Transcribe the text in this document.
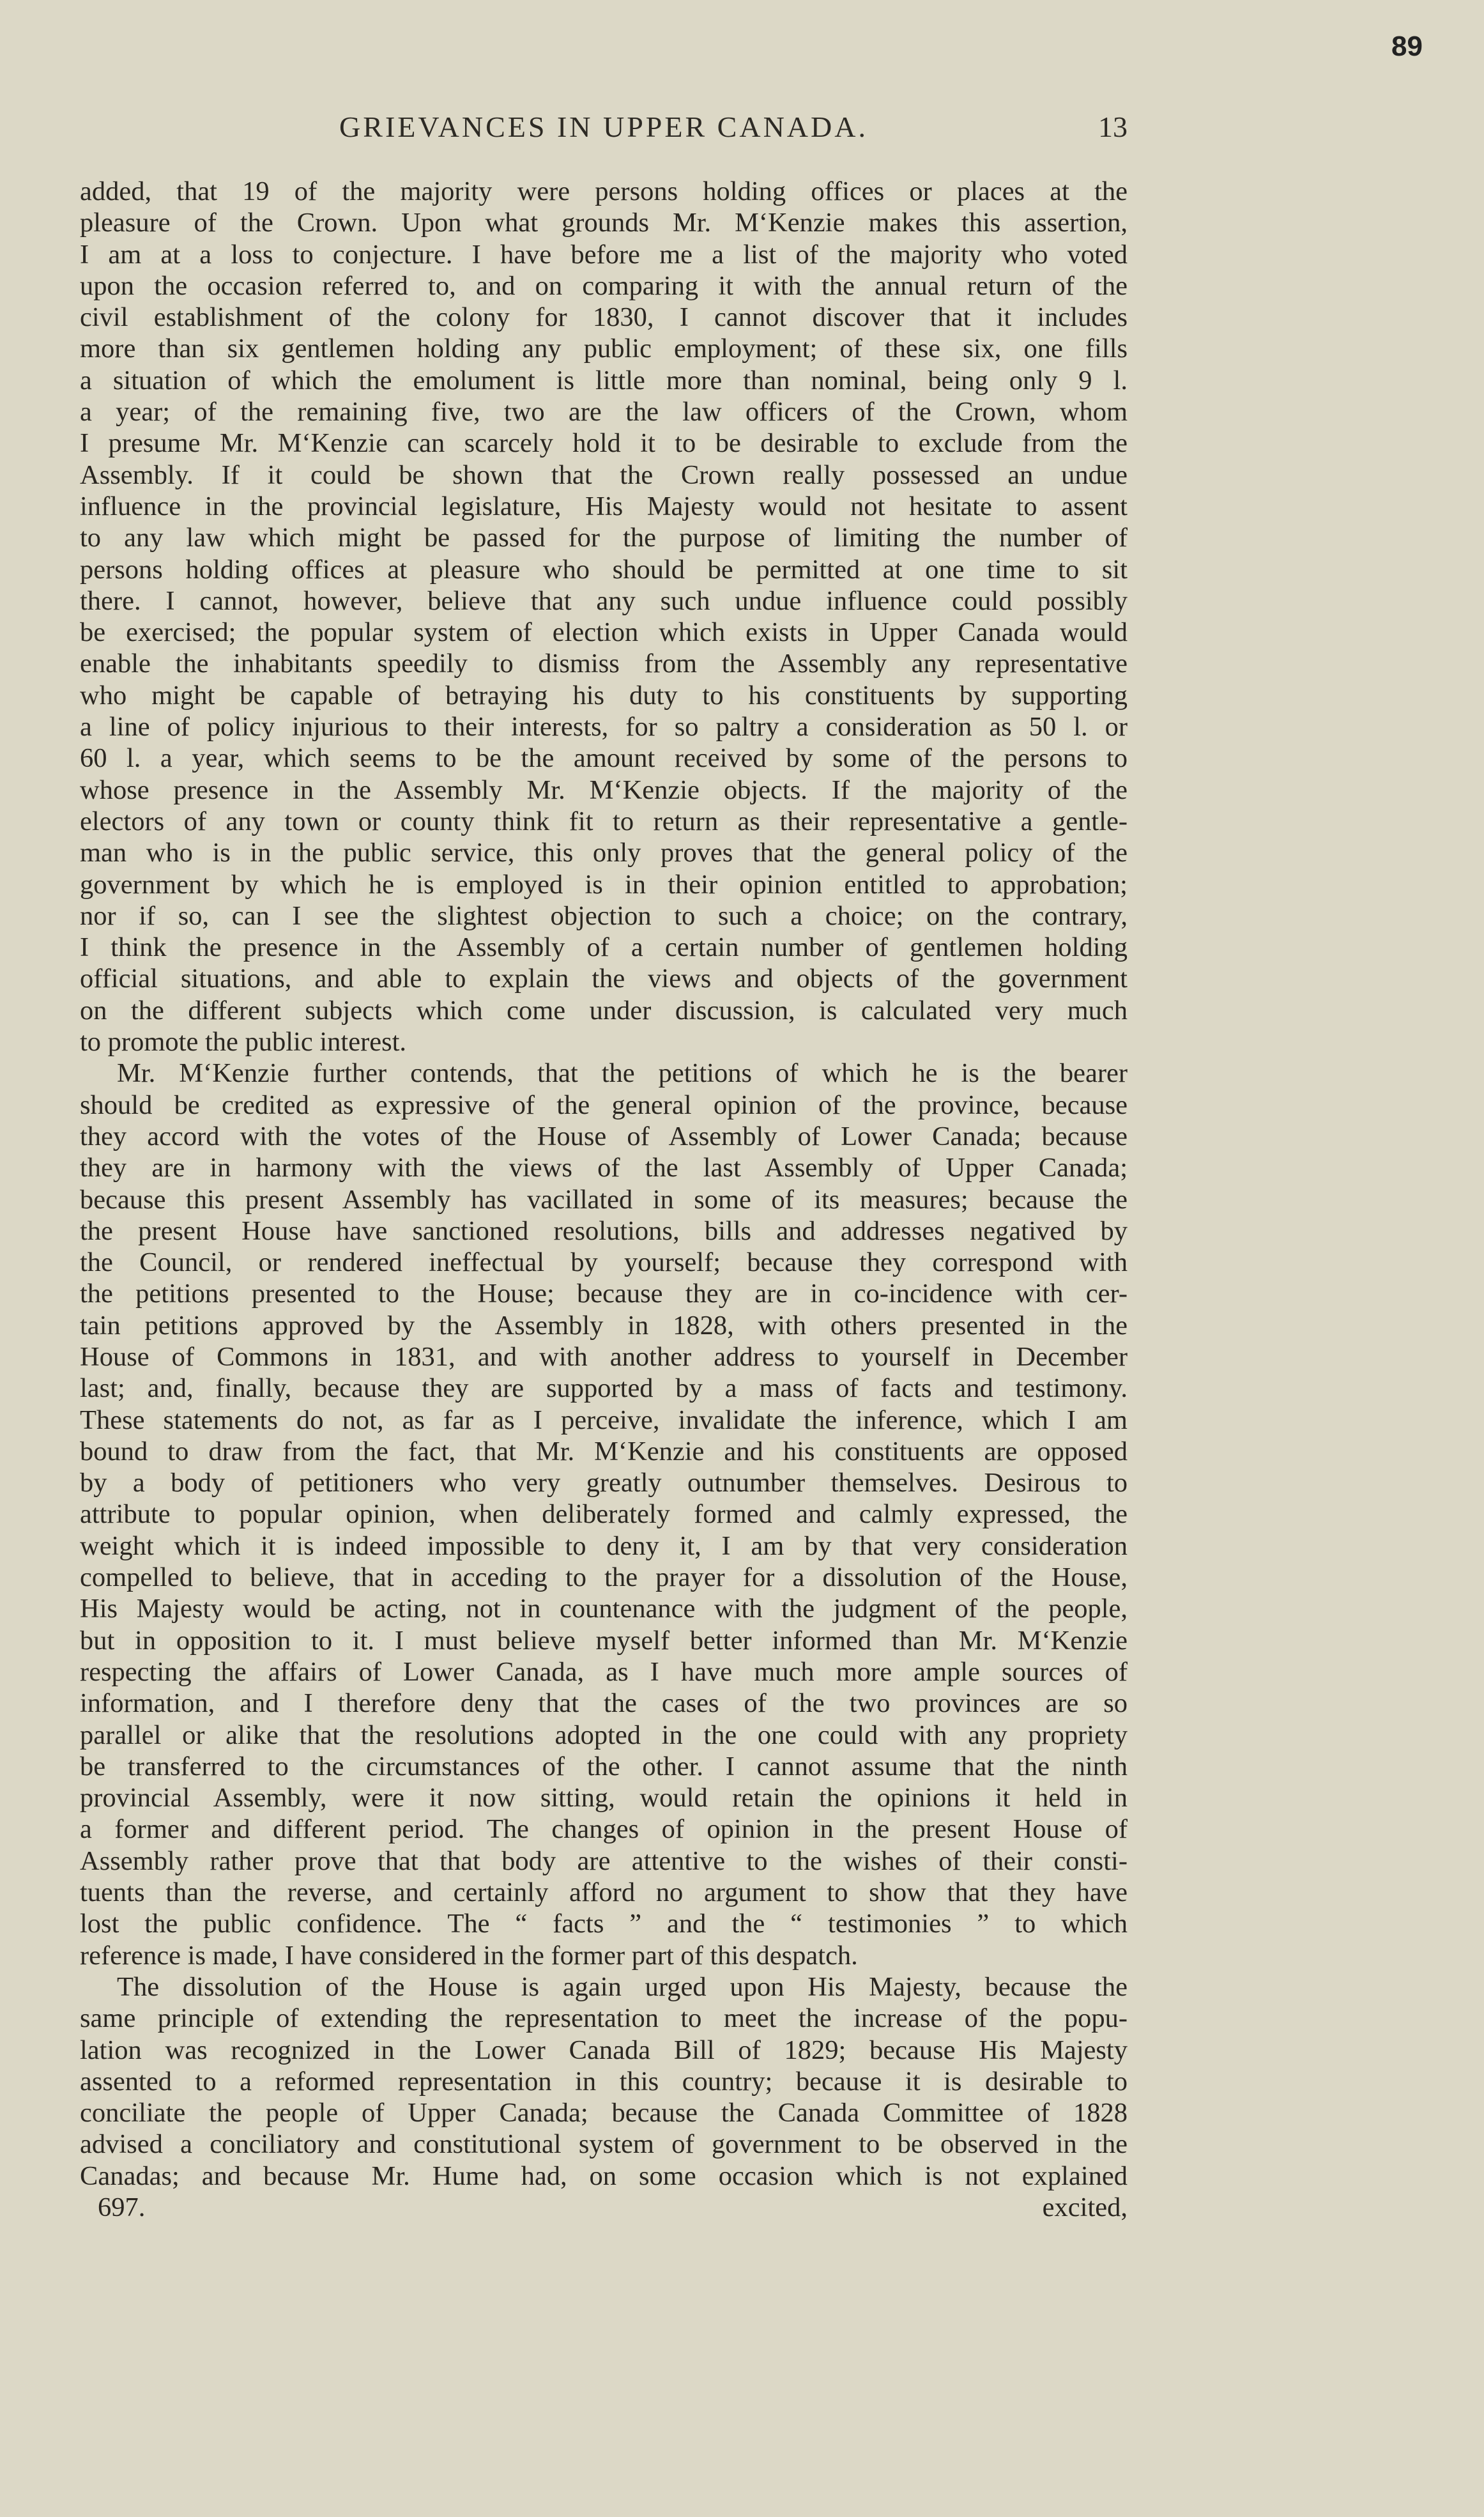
89
GRIEVANCES IN UPPER CANADA.	13
added, that 19 of the majority were persons holding offices or places at the
pleasure of the Crown. Upon what grounds Mr. M‘Kenzie makes this assertion,
I am at a loss to conjecture. I have before me a list of the majority who voted
upon the occasion referred to, and on comparing it with the annual return of the
civil establishment of the colony for 1830, I cannot discover that it includes
more than six gentlemen holding any public employment; of these six, one fills
a situation of which the emolument is little more than nominal, being only 9 l.
a year; of the remaining five, two are the law officers of the Crown, whom
I presume Mr. M‘Kenzie can scarcely hold it to be desirable to exclude from the
Assembly. If it could be shown that the Crown really possessed an undue
influence in the provincial legislature, His Majesty would not hesitate to assent
to any law which might be passed for the purpose of limiting the number of
persons holding offices at pleasure who should be permitted at one time to sit
there. I cannot, however, believe that any such undue influence could possibly
be exercised; the popular system of election which exists in Upper Canada would
enable the inhabitants speedily to dismiss from the Assembly any representative
who might be capable of betraying his duty to his constituents by supporting
a line of policy injurious to their interests, for so paltry a consideration as 50 l. or
60 l. a year, which seems to be the amount received by some of the persons to
whose presence in the Assembly Mr. M‘Kenzie objects. If the majority of the
electors of any town or county think fit to return as their representative a gentle-
man who is in the public service, this only proves that the general policy of the
government by which he is employed is in their opinion entitled to approbation;
nor if so, can I see the slightest objection to such a choice; on the contrary,
I think the presence in the Assembly of a certain number of gentlemen holding
official situations, and able to explain the views and objects of the government
on the different subjects which come under discussion, is calculated very much
to promote the public interest.
Mr. M‘Kenzie further contends, that the petitions of which he is the bearer
should be credited as expressive of the general opinion of the province, because
they accord with the votes of the House of Assembly of Lower Canada; because
they are in harmony with the views of the last Assembly of Upper Canada;
because this present Assembly has vacillated in some of its measures; because the
the present House have sanctioned resolutions, bills and addresses negatived by
the Council, or rendered ineffectual by yourself; because they correspond with
the petitions presented to the House; because they are in co-incidence with cer-
tain petitions approved by the Assembly in 1828, with others presented in the
House of Commons in 1831, and with another address to yourself in December
last; and, finally, because they are supported by a mass of facts and testimony.
These statements do not, as far as I perceive, invalidate the inference, which I am
bound to draw from the fact, that Mr. M‘Kenzie and his constituents are opposed
by a body of petitioners who very greatly outnumber themselves. Desirous to
attribute to popular opinion, when deliberately formed and calmly expressed, the
weight which it is indeed impossible to deny it, I am by that very consideration
compelled to believe, that in acceding to the prayer for a dissolution of the House,
His Majesty would be acting, not in countenance with the judgment of the people,
but in opposition to it. I must believe myself better informed than Mr. M‘Kenzie
respecting the affairs of Lower Canada, as I have much more ample sources of
information, and I therefore deny that the cases of the two provinces are so
parallel or alike that the resolutions adopted in the one could with any propriety
be transferred to the circumstances of the other. I cannot assume that the ninth
provincial Assembly, were it now sitting, would retain the opinions it held in
a former and different period. The changes of opinion in the present House of
Assembly rather prove that that body are attentive to the wishes of their consti-
tuents than the reverse, and certainly afford no argument to show that they have
lost the public confidence. The “ facts ” and the “ testimonies ” to which
reference is made, I have considered in the former part of this despatch.
The dissolution of the House is again urged upon His Majesty, because the
same principle of extending the representation to meet the increase of the popu-
lation was recognized in the Lower Canada Bill of 1829; because His Majesty
assented to a reformed representation in this country; because it is desirable to
conciliate the people of Upper Canada; because the Canada Committee of 1828
advised a conciliatory and constitutional system of government to be observed in the
Canadas; and because Mr. Hume had, on some occasion which is not explained
697.	excited,
